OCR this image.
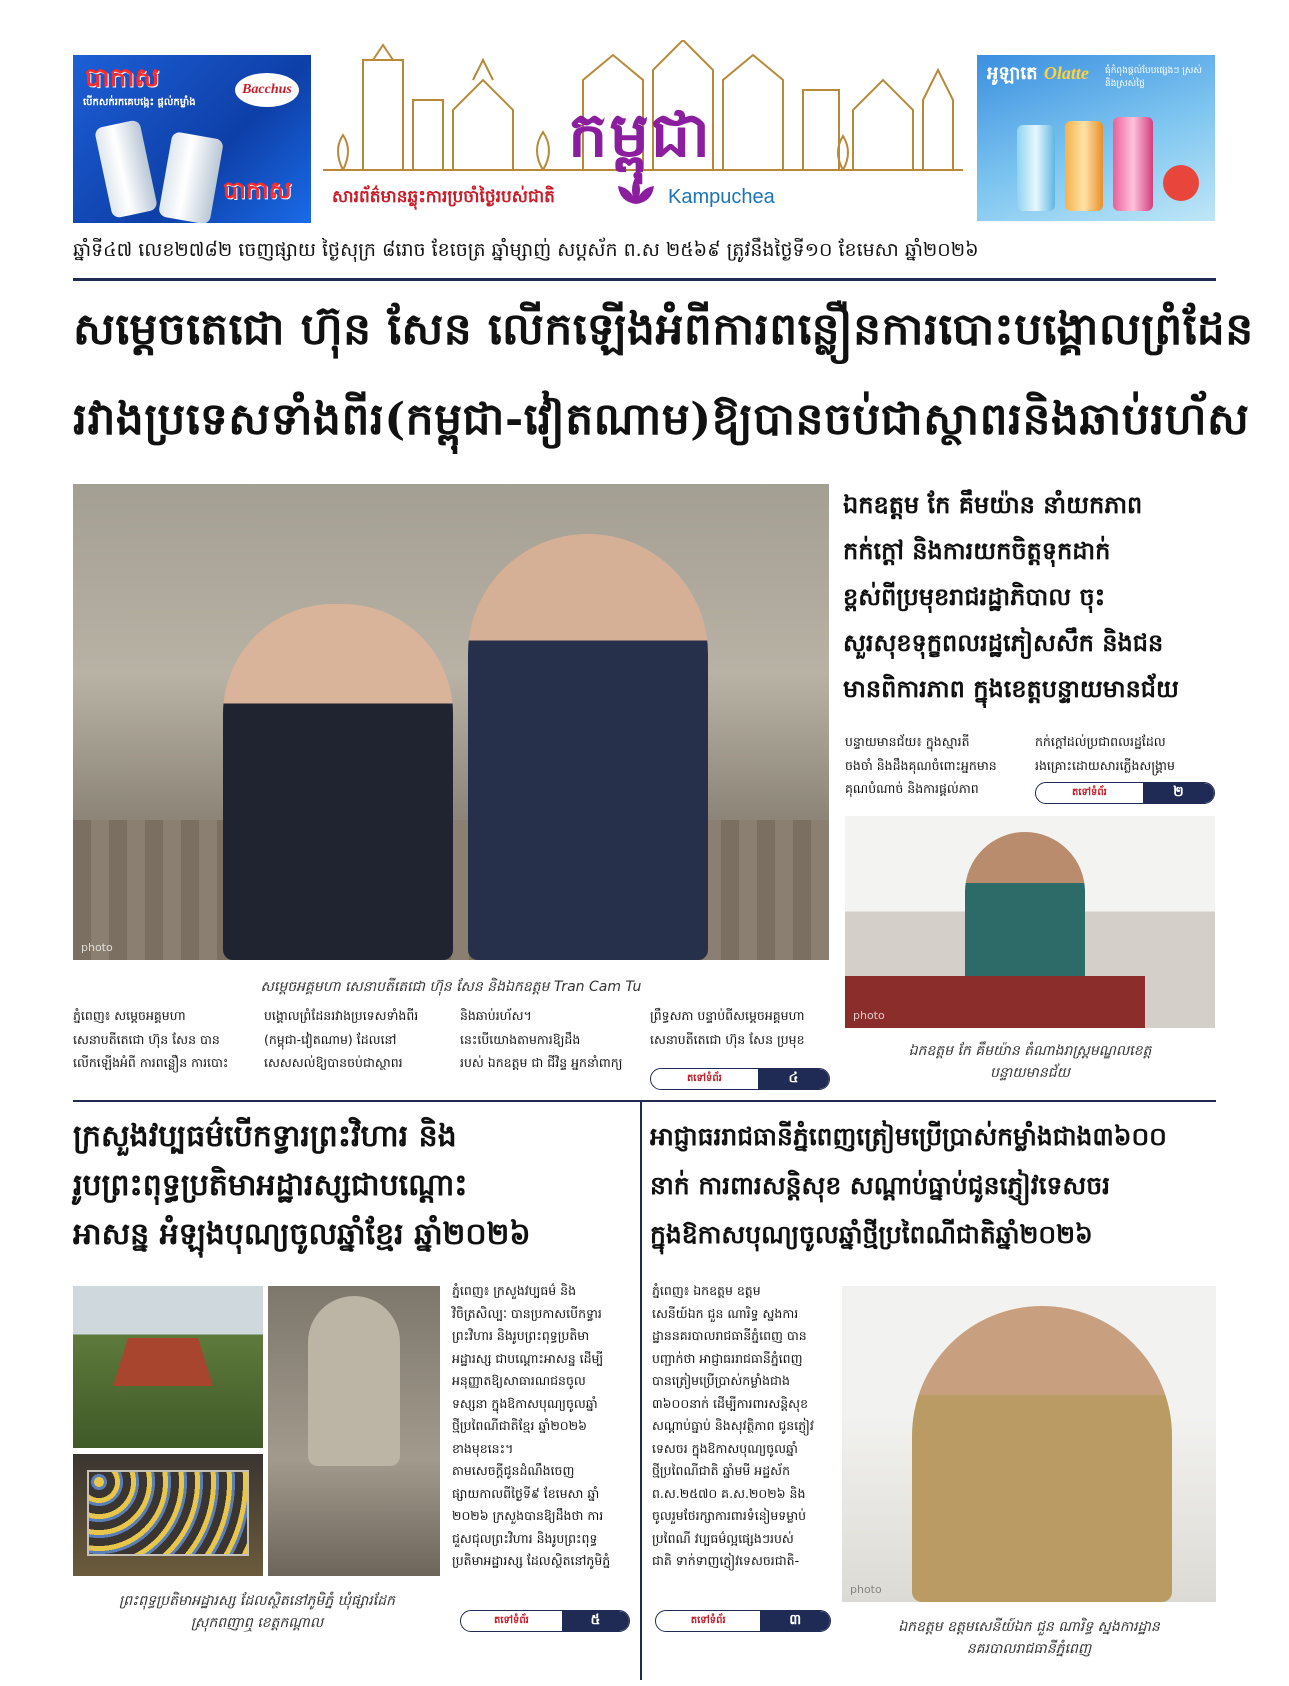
បាកាស
បើកសក់រកគេបង្កេះ ផ្តល់កម្លាំង
Bacchus
បាកាស
កម្ពុជា
សារព័ត៌មានឆ្លុះការប្រចាំថ្ងៃរបស់ជាតិ	Kampuchea
អូឡាតេ Olatte ធុំកំពុងផ្ដល់បែបផ្សេងៗ ស្រស់និងស្រស់ថ្លៃ
ឆ្នាំទី៤៧ លេខ២៧៨២ ចេញផ្សាយ ថ្ងៃសុក្រ ៨រោច ខែចេត្រ ឆ្នាំម្សាញ់ សប្តស័ក ព.ស ២៥៦៩ ត្រូវនឹងថ្ងៃទី១០ ខែមេសា ឆ្នាំ២០២៦
សម្តេចតេជោ ហ៊ុន សែន លើកឡើងអំពីការពន្លឿនការបោះបង្គោលព្រំដែន
រវាងប្រទេសទាំងពីរ(កម្ពុជា-វៀតណាម)ឱ្យបានចប់ជាស្ថាពរនិងឆាប់រហ័ស
photo
សម្តេចអគ្គមហា សេនាបតីតេជោ ហ៊ុន សែន និងឯកឧត្តម Tran Cam Tu
ភ្នំពេញ៖ សម្តេចអគ្គមហា
សេនាបតីតេជោ ហ៊ុន សែន បាន
លើកឡើងអំពី ការពន្លឿន ការបោះ
បង្គោលព្រំដែនរវាងប្រទេសទាំងពីរ
(កម្ពុជា-វៀតណាម) ដែលនៅ
សេសសល់ឱ្យបានចប់ជាស្ថាពរ
និងឆាប់រហ័ស។
នេះបើយោងតាមការឱ្យដឹង
របស់ ឯកឧត្តម ជា ជីវិន្ទ អ្នកនាំពាក្យ
ព្រឹទ្ធសភា បន្ទាប់ពីសម្តេចអគ្គមហា
សេនាបតីតេជោ ហ៊ុន សែន ប្រមុខ
តទៅទំព័រ	៤
ឯកឧត្តម កែ គឹមយ៉ាន នាំយកភាព
កក់ក្តៅ និងការយកចិត្តទុកដាក់
ខ្ពស់ពីប្រមុខរាជរដ្ឋាភិបាល ចុះ
សួរសុខទុក្ខពលរដ្ឋភៀសសឹក និងជន
មានពិការភាព ក្នុងខេត្តបន្ទាយមានជ័យ
បន្ទាយមានជ័យ៖ ក្នុងស្មារតី
ចងចាំ និងដឹងគុណចំពោះអ្នកមាន
គុណបំណាច់ និងការផ្តល់ភាព
កក់ក្តៅដល់ប្រជាពលរដ្ឋដែល
រងគ្រោះដោយសារភ្លើងសង្គ្រាម
តទៅទំព័រ	២
photo
ឯកឧត្តម កែ គឹមយ៉ាន តំណាងរាស្ត្រមណ្ឌលខេត្ត
បន្ទាយមានជ័យ
ក្រសួងវប្បធម៌បើកទ្វារព្រះវិហារ និង
រូបព្រះពុទ្ធប្រតិមាអដ្ឋារស្សជាបណ្តោះ
អាសន្ន អំឡុងបុណ្យចូលឆ្នាំខ្មែរ ឆ្នាំ២០២៦
ព្រះពុទ្ធប្រតិមាអដ្ឋារស្ស ដែលស្ថិតនៅភូមិភ្នំ ឃុំផ្សារដែក
ស្រុកពញាឮ ខេត្តកណ្តាល
ភ្នំពេញ៖ ក្រសួងវប្បធម៌ និង
វិចិត្រសិល្បៈ បានប្រកាសបើកទ្វារ
ព្រះវិហារ និងរូបព្រះពុទ្ធប្រតិមា
អដ្ឋារស្ស ជាបណ្តោះអាសន្ន ដើម្បី
អនុញ្ញាតឱ្យសាធារណជនចូល
ទស្សនា ក្នុងឱកាសបុណ្យចូលឆ្នាំ
ថ្មីប្រពៃណីជាតិខ្មែរ ឆ្នាំ២០២៦
ខាងមុខនេះ។
តាមសេចក្តីជូនដំណឹងចេញ
ផ្សាយកាលពីថ្ងៃទី៩ ខែមេសា ឆ្នាំ
២០២៦ ក្រសួងបានឱ្យដឹងថា ការ
ជួសជុលព្រះវិហារ និងរូបព្រះពុទ្ធ
ប្រតិមាអដ្ឋារស្ស ដែលស្ថិតនៅភូមិភ្នំ
តទៅទំព័រ	៥
អាជ្ញាធររាជធានីភ្នំពេញត្រៀមប្រើប្រាស់កម្លាំងជាង៣៦០០
នាក់ ការពារសន្តិសុខ សណ្តាប់ធ្នាប់ជូនភ្ញៀវទេសចរ
ក្នុងឱកាសបុណ្យចូលឆ្នាំថ្មីប្រពៃណីជាតិឆ្នាំ២០២៦
ភ្នំពេញ៖ ឯកឧត្តម ឧត្តម
សេនីយ៍ឯក ជួន ណារិទ្ធ ស្នងការ
ដ្ឋាននគរបាលរាជធានីភ្នំពេញ បាន
បញ្ជាក់ថា អាជ្ញាធររាជធានីភ្នំពេញ
បានត្រៀមប្រើប្រាស់កម្លាំងជាង
៣៦០០នាក់ ដើម្បីការពារសន្តិសុខ
សណ្តាប់ធ្នាប់ និងសុវត្ថិភាព ជូនភ្ញៀវ
ទេសចរ ក្នុងឱកាសបុណ្យចូលឆ្នាំ
ថ្មីប្រពៃណីជាតិ ឆ្នាំមមី អដ្ឋស័ក
ព.ស.២៥៧០ គ.ស.២០២៦ និង
ចូលរួមថែរក្សាការពារទំនៀមទម្លាប់
ប្រពៃណី វប្បធម៌ល្អផ្សេងៗរបស់
ជាតិ ទាក់ទាញភ្ញៀវទេសចរជាតិ-
តទៅទំព័រ	៣
photo
ឯកឧត្តម ឧត្តមសេនីយ៍ឯក ជួន ណារិទ្ធ ស្នងការដ្ឋាន
នគរបាលរាជធានីភ្នំពេញ
